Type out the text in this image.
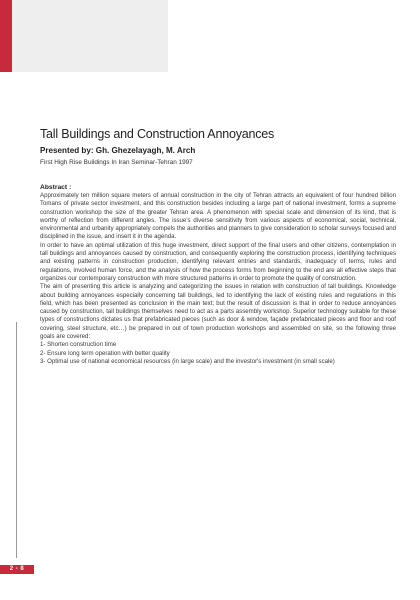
2 - 8
Tall Buildings and Construction Annoyances

Presented by: Gh. Ghezelayagh, M. Arch

First High Rise Buildings In Iran Seminar-Tehran 1997

Abstract :

Approximately ten million square meters of annual construction in the city of Tehran attracts an equivalent of four hundred billion Tomans of private sector investment, and this construction besides including a large part of national investment, forms a supreme construction workshop the size of the greater Tehran area. A phenomenon with special scale and dimension of its kind, that is worthy of reflection from different angles. The issue's diverse sensitivity from various aspects of economical, social, technical, environmental and urbanity appropriately compels the authorities and planners to give consideration to scholar surveys focused and disciplined in the issue, and insert it in the agenda.

In order to have an optimal utilization of this huge investment, direct support of the final users and other citizens, contemplation in tall buildings and annoyances caused by construction, and consequently exploring the construction process, identifying techniques and existing patterns in construction production, identifying relevant entries and standards, inadequacy of terms, rules and regulations, involved human force, and the analysis of how the process forms from beginning to the end are all effective steps that organizes our contemporary construction with more structured patterns in order to promote the quality of construction.

The aim of presenting this article is analyzing and categorizing the issues in relation with construction of tall buildings. Knowledge about building annoyances especially concerning tall buildings, led to identifying the lack of existing rules and regulations in this field, which has been presented as conclusion in the main text; but the result of discussion is that in order to reduce annoyances caused by construction, tall buildings themselves need to act as a parts assembly workshop. Superior technology suitable for these types of constructions dictates us that prefabricated pieces (such as door & window, façade prefabricated pieces and floor and roof covering, steel structure, etc…) be prepared in out of town production workshops and assembled on site, so the following three goals are covered:

1- Shorten construction time

2- Ensure long term operation with better quality

3- Optimal use of national economical resources (in large scale) and the investor's investment (in small scale)
